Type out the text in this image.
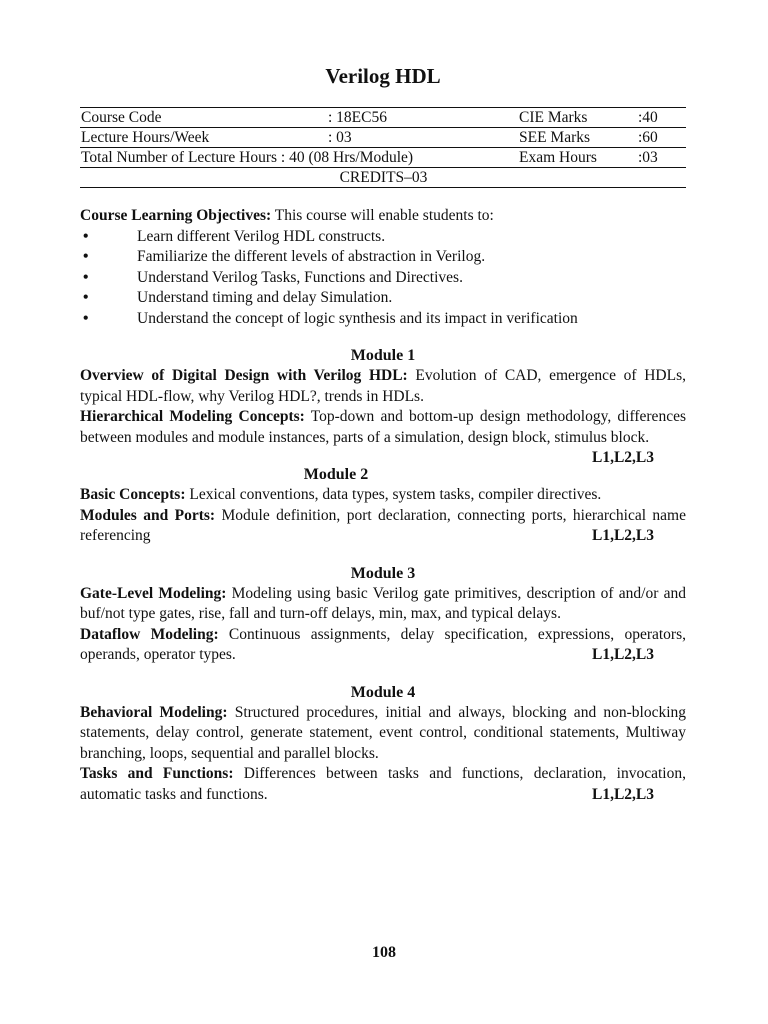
Verilog HDL
Course Code	: 18EC56	CIE Marks	:40
Lecture Hours/Week	: 03	SEE Marks	:60
Total Number of Lecture Hours : 40 (08 Hrs/Module)		Exam Hours	:03
CREDITS–03			
Course Learning Objectives: This course will enable students to:
•	Learn different Verilog HDL constructs.
•	Familiarize the different levels of abstraction in Verilog.
•	Understand Verilog Tasks, Functions and Directives.
•	Understand timing and delay Simulation.
•	Understand the concept of logic synthesis and its impact in verification
Module 1
Overview of Digital Design with Verilog HDL: Evolution of CAD, emergence of HDLs, typical HDL-flow, why Verilog HDL?, trends in HDLs.
Hierarchical Modeling Concepts: Top-down and bottom-up design methodology, differences between modules and module instances, parts of a simulation, design block, stimulus block.
L1,L2,L3
Module 2
Basic Concepts: Lexical conventions, data types, system tasks, compiler directives.
Modules and Ports: Module definition, port declaration, connecting ports, hierarchical name referencing	L1,L2,L3
Module 3
Gate-Level Modeling: Modeling using basic Verilog gate primitives, description of and/or and buf/not type gates, rise, fall and turn-off delays, min, max, and typical delays.
Dataflow Modeling: Continuous assignments, delay specification, expressions, operators, operands, operator types.	L1,L2,L3
Module 4
Behavioral Modeling: Structured procedures, initial and always, blocking and non-blocking statements, delay control, generate statement, event control, conditional statements, Multiway branching, loops, sequential and parallel blocks.
Tasks and Functions: Differences between tasks and functions, declaration, invocation, automatic tasks and functions.	L1,L2,L3
108
